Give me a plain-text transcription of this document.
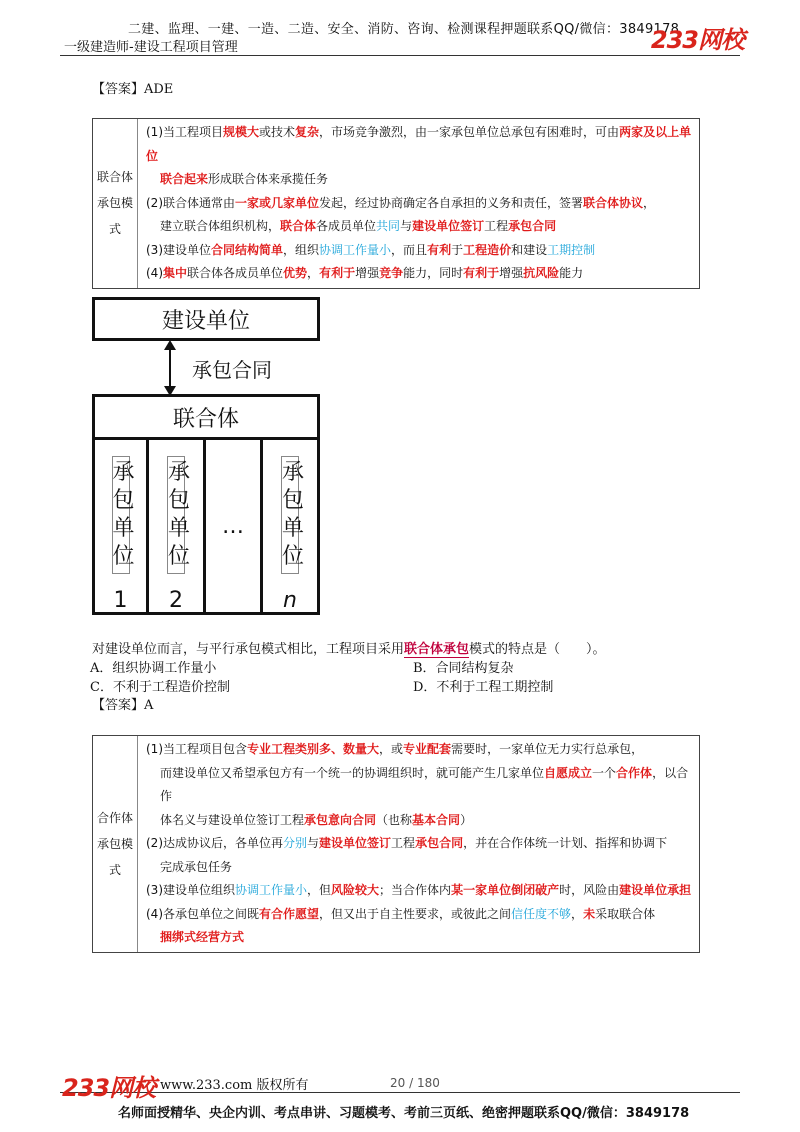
二建、监理、一建、一造、二造、安全、消防、咨询、检测课程押题联系QQ/微信：3849178
一级建造师-建设工程项目管理	233网校
【答案】ADE
联合体承包模式
(1)当工程项目规模大或技术复杂，市场竞争激烈，由一家承包单位总承包有困难时，可由两家及以上单位
联合起来形成联合体来承揽任务
(2)联合体通常由一家或几家单位发起，经过协商确定各自承担的义务和责任，签署联合体协议，
建立联合体组织机构，联合体各成员单位共同与建设单位签订工程承包合同
(3)建设单位合同结构简单，组织协调工作量小，而且有利于工程造价和建设工期控制
(4)集中联合体各成员单位优势，有利于增强竞争能力，同时有利于增强抗风险能力
建设单位
承包合同
联合体
承包单位
1
承包单位
2
…
承包单位
n
对建设单位而言，与平行承包模式相比，工程项目采用联合体承包模式的特点是（　　）。
A．组织协调工作量小	B．合同结构复杂
C．不利于工程造价控制	D．不利于工程工期控制
【答案】A
合作体承包模式
(1)当工程项目包含专业工程类别多、数量大，或专业配套需要时，一家单位无力实行总承包，
而建设单位又希望承包方有一个统一的协调组织时，就可能产生几家单位自愿成立一个合作体，以合作
体名义与建设单位签订工程承包意向合同（也称基本合同）
(2)达成协议后，各单位再分别与建设单位签订工程承包合同，并在合作体统一计划、指挥和协调下
完成承包任务
(3)建设单位组织协调工作量小，但风险较大；当合作体内某一家单位倒闭破产时，风险由建设单位承担
(4)各承包单位之间既有合作愿望，但又出于自主性要求，或彼此之间信任度不够，未采取联合体
捆绑式经营方式
233网校 www.233.com 版权所有	20 / 180
名师面授精华、央企内训、考点串讲、习题模考、考前三页纸、绝密押题联系QQ/微信：3849178
